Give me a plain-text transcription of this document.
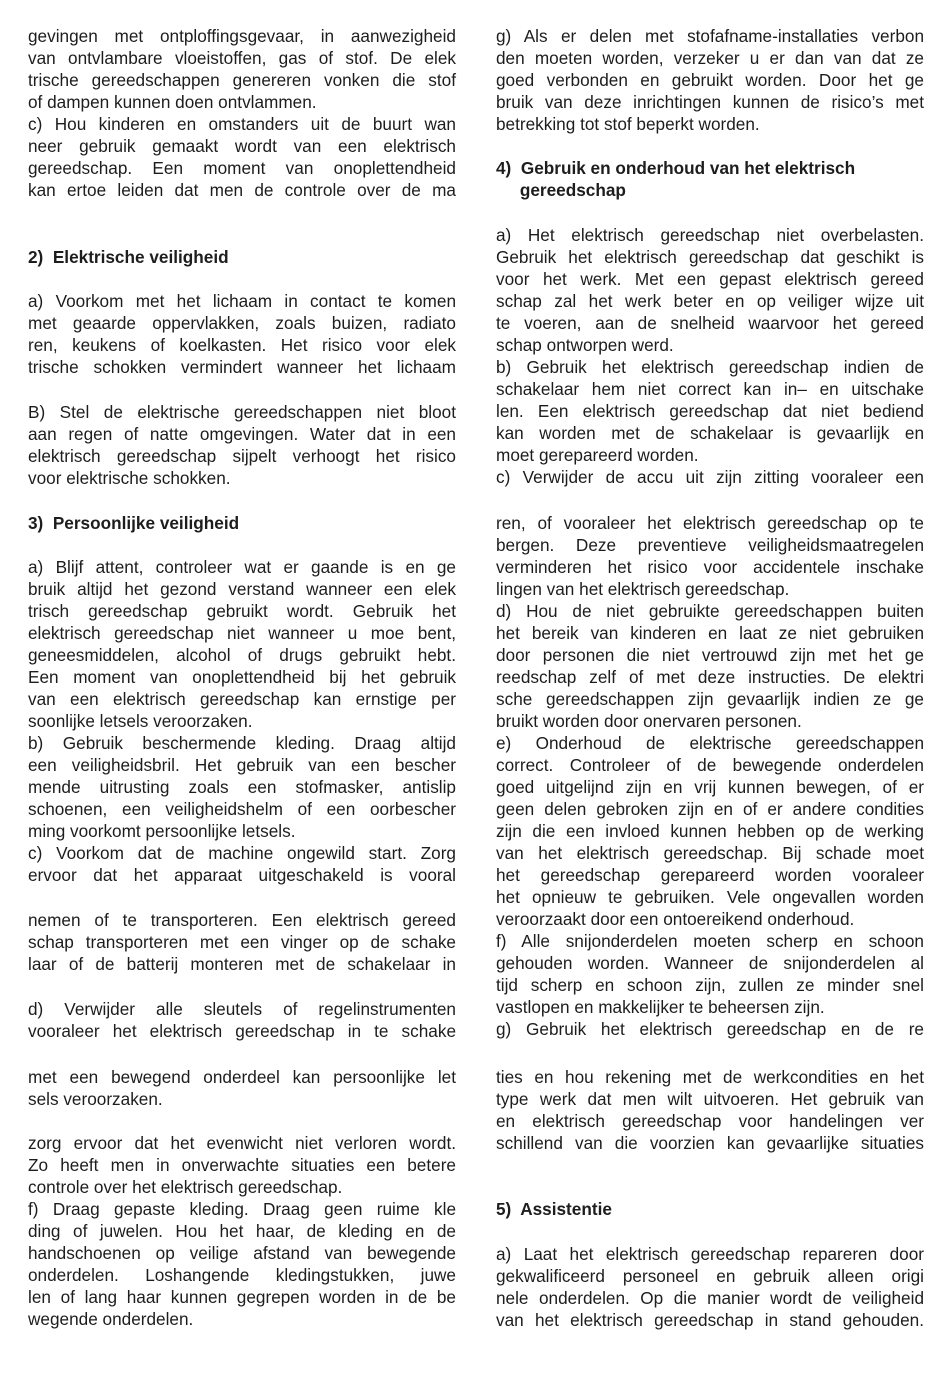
gevingen met ontploffingsgevaar, in aanwezigheid
van ontvlambare vloeistoffen, gas of stof. De elek
trische gereedschappen genereren vonken die stof
of dampen kunnen doen ontvlammen.
c) Hou kinderen en omstanders uit de buurt wan
neer gebruik gemaakt wordt van een elektrisch
gereedschap. Een moment van onoplettendheid
kan ertoe leiden dat men de controle over de ma
2)  Elektrische veiligheid
a) Voorkom met het lichaam in contact te komen
met geaarde oppervlakken, zoals buizen, radiato
ren, keukens of koelkasten. Het risico voor elek
trische schokken vermindert wanneer het lichaam
B) Stel de elektrische gereedschappen niet bloot
aan regen of natte omgevingen. Water dat in een
elektrisch gereedschap sijpelt verhoogt het risico
voor elektrische schokken.
3)  Persoonlijke veiligheid
a) Blijf attent, controleer wat er gaande is en ge
bruik altijd het gezond verstand wanneer een elek
trisch gereedschap gebruikt wordt. Gebruik het
elektrisch gereedschap niet wanneer u moe bent,
geneesmiddelen, alcohol of drugs gebruikt hebt.
Een moment van onoplettendheid bij het gebruik
van een elektrisch gereedschap kan ernstige per
soonlijke letsels veroorzaken.
b) Gebruik beschermende kleding. Draag altijd
een veiligheidsbril. Het gebruik van een bescher
mende uitrusting zoals een stofmasker, antislip
schoenen, een veiligheidshelm of een oorbescher
ming voorkomt persoonlijke letsels.
c) Voorkom dat de machine ongewild start. Zorg
ervoor dat het apparaat uitgeschakeld is vooral
nemen of te transporteren. Een elektrisch gereed
schap transporteren met een vinger op de schake
laar of de batterij monteren met de schakelaar in
d) Verwijder alle sleutels of regelinstrumenten
vooraleer het elektrisch gereedschap in te schake
met een bewegend onderdeel kan persoonlijke let
sels veroorzaken.
zorg ervoor dat het evenwicht niet verloren wordt.
Zo heeft men in onverwachte situaties een betere
controle over het elektrisch gereedschap.
f) Draag gepaste kleding. Draag geen ruime kle
ding of juwelen. Hou het haar, de kleding en de
handschoenen op veilige afstand van bewegende
onderdelen. Loshangende kledingstukken, juwe
len of lang haar kunnen gegrepen worden in de be
wegende onderdelen.
g) Als er delen met stofafname-installaties verbon
den moeten worden, verzeker u er dan van dat ze
goed verbonden en gebruikt worden. Door het ge
bruik van deze inrichtingen kunnen de risico’s met
betrekking tot stof beperkt worden.
4)  Gebruik en onderhoud van het elektrisch
gereedschap
a) Het elektrisch gereedschap niet overbelasten.
Gebruik het elektrisch gereedschap dat geschikt is
voor het werk. Met een gepast elektrisch gereed
schap zal het werk beter en op veiliger wijze uit
te voeren, aan de snelheid waarvoor het gereed
schap ontworpen werd.
b) Gebruik het elektrisch gereedschap indien de
schakelaar hem niet correct kan in– en uitschake
len. Een elektrisch gereedschap dat niet bediend
kan worden met de schakelaar is gevaarlijk en
moet gerepareerd worden.
c) Verwijder de accu uit zijn zitting vooraleer een
ren, of vooraleer het elektrisch gereedschap op te
bergen. Deze preventieve veiligheidsmaatregelen
verminderen het risico voor accidentele inschake
lingen van het elektrisch gereedschap.
d) Hou de niet gebruikte gereedschappen buiten
het bereik van kinderen en laat ze niet gebruiken
door personen die niet vertrouwd zijn met het ge
reedschap zelf of met deze instructies. De elektri
sche gereedschappen zijn gevaarlijk indien ze ge
bruikt worden door onervaren personen.
e) Onderhoud de elektrische gereedschappen
correct. Controleer of de bewegende onderdelen
goed uitgelijnd zijn en vrij kunnen bewegen, of er
geen delen gebroken zijn en of er andere condities
zijn die een invloed kunnen hebben op de werking
van het elektrisch gereedschap. Bij schade moet
het gereedschap gerepareerd worden vooraleer
het opnieuw te gebruiken. Vele ongevallen worden
veroorzaakt door een ontoereikend onderhoud.
f) Alle snijonderdelen moeten scherp en schoon
gehouden worden. Wanneer de snijonderdelen al
tijd scherp en schoon zijn, zullen ze minder snel
vastlopen en makkelijker te beheersen zijn.
g) Gebruik het elektrisch gereedschap en de re
ties en hou rekening met de werkcondities en het
type werk dat men wilt uitvoeren. Het gebruik van
en elektrisch gereedschap voor handelingen ver
schillend van die voorzien kan gevaarlijke situaties
5)  Assistentie
a) Laat het elektrisch gereedschap repareren door
gekwalificeerd personeel en gebruik alleen origi
nele onderdelen. Op die manier wordt de veiligheid
van het elektrisch gereedschap in stand gehouden.
